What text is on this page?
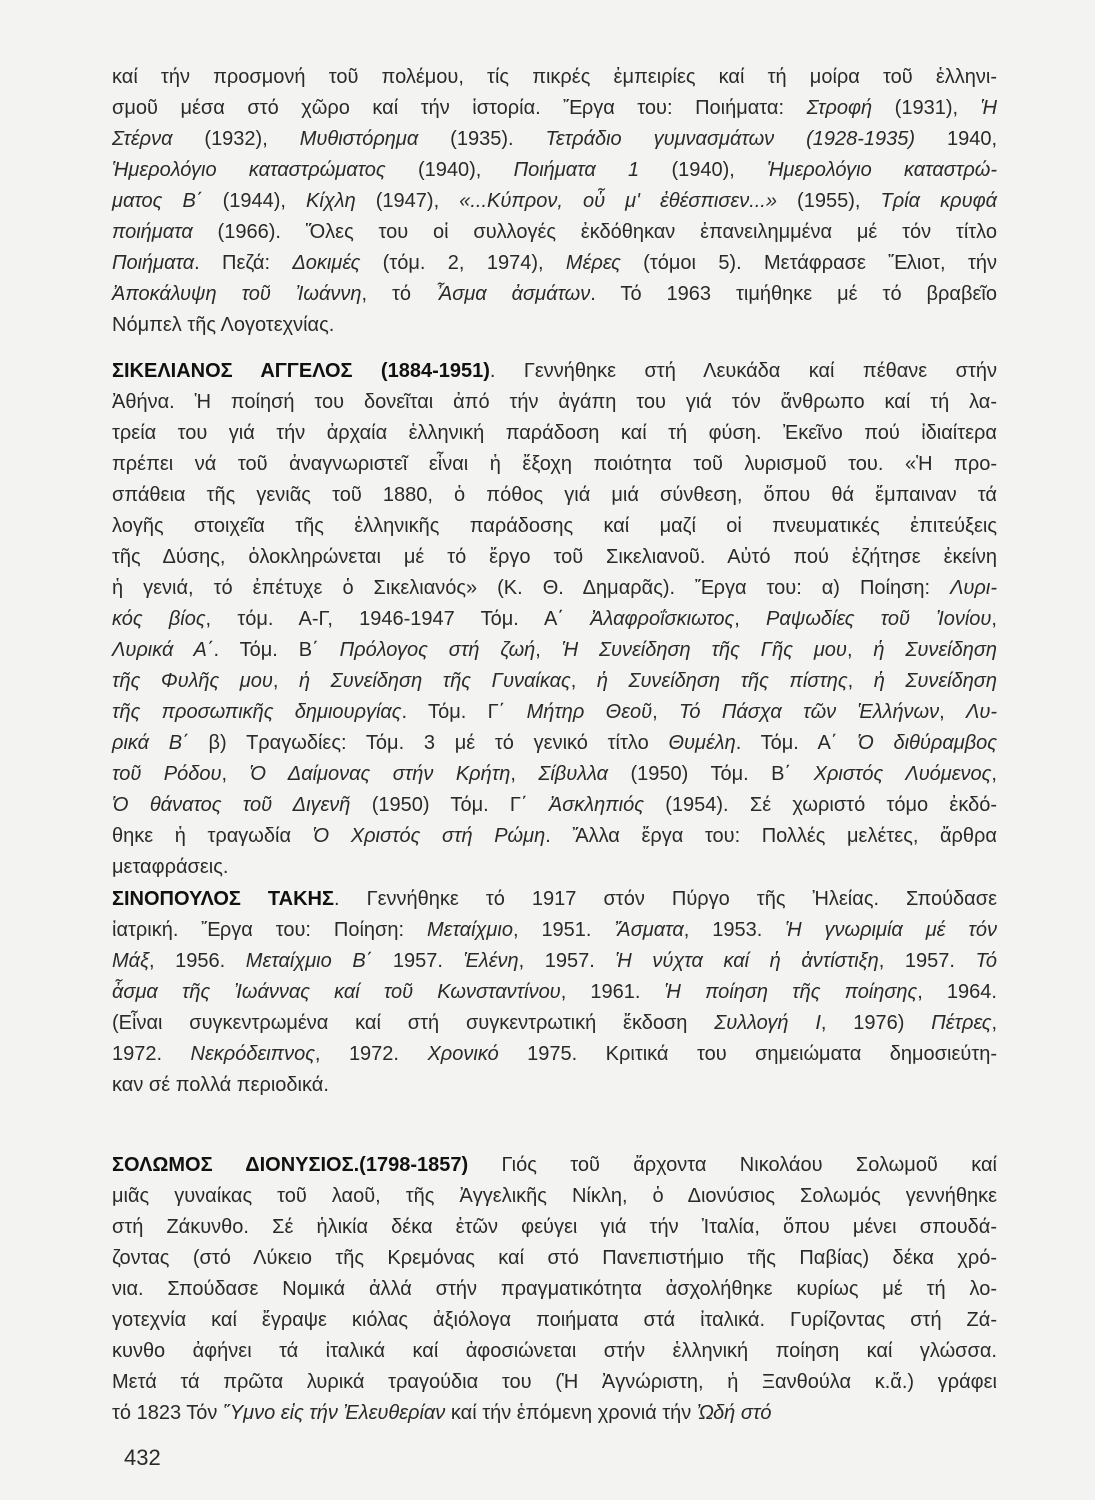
καί τήν προσμονή τοῦ πολέμου, τίς πικρές ἐμπειρίες καί τή μοίρα τοῦ ἑλληνι-
σμοῦ μέσα στό χῶρο καί τήν ἱστορία. Ἔργα του: Ποιήματα: Στροφή (1931), Ἡ
Στέρνα (1932), Μυθιστόρημα (1935). Τετράδιο γυμνασμάτων (1928-1935) 1940,
Ἡμερολόγιο καταστρώματος (1940), Ποιήματα 1 (1940), Ἡμερολόγιο καταστρώ-
ματος Β΄ (1944), Κίχλη (1947), «...Κύπρον, οὗ μ' ἐθέσπισεν...» (1955), Τρία κρυφά
ποιήματα (1966). Ὅλες του οἱ συλλογές ἐκδόθηκαν ἐπανειλημμένα μέ τόν τίτλο
Ποιήματα. Πεζά: Δοκιμές (τόμ. 2, 1974), Μέρες (τόμοι 5). Μετάφρασε Ἔλιοτ, τήν
Ἀποκάλυψη τοῦ Ἰωάννη, τό Ἆσμα ἀσμάτων. Τό 1963 τιμήθηκε μέ τό βραβεῖο
Νόμπελ τῆς Λογοτεχνίας.
ΣΙΚΕΛΙΑΝΟΣ ΑΓΓΕΛΟΣ (1884-1951). Γεννήθηκε στή Λευκάδα καί πέθανε στήν
Ἀθήνα. Ἡ ποίησή του δονεῖται ἀπό τήν ἀγάπη του γιά τόν ἄνθρωπο καί τή λα-
τρεία του γιά τήν ἀρχαία ἑλληνική παράδοση καί τή φύση. Ἐκεῖνο πού ἰδιαίτερα
πρέπει νά τοῦ ἀναγνωριστεῖ εἶναι ἡ ἔξοχη ποιότητα τοῦ λυρισμοῦ του. «Ἡ προ-
σπάθεια τῆς γενιᾶς τοῦ 1880, ὁ πόθος γιά μιά σύνθεση, ὅπου θά ἔμπαιναν τά
λογῆς στοιχεῖα τῆς ἑλληνικῆς παράδοσης καί μαζί οἱ πνευματικές ἐπιτεύξεις
τῆς Δύσης, ὁλοκληρώνεται μέ τό ἔργο τοῦ Σικελιανοῦ. Αὐτό πού ἐζήτησε ἐκείνη
ἡ γενιά, τό ἐπέτυχε ὁ Σικελιανός» (Κ. Θ. Δημαρᾶς). Ἔργα του: α) Ποίηση: Λυρι-
κός βίος, τόμ. Α-Γ, 1946-1947 Τόμ. Α΄ Ἀλαφροΐσκιωτος, Ραψωδίες τοῦ Ἰονίου,
Λυρικά Α΄. Τόμ. Β΄ Πρόλογος στή ζωή, Ἡ Συνείδηση τῆς Γῆς μου, ἡ Συνείδηση
τῆς Φυλῆς μου, ἡ Συνείδηση τῆς Γυναίκας, ἡ Συνείδηση τῆς πίστης, ἡ Συνείδηση
τῆς προσωπικῆς δημιουργίας. Τόμ. Γ΄ Μήτηρ Θεοῦ, Τό Πάσχα τῶν Ἑλλήνων, Λυ-
ρικά Β΄ β) Τραγωδίες: Τόμ. 3 μέ τό γενικό τίτλο Θυμέλη. Τόμ. Α΄ Ὁ διθύραμβος
τοῦ Ρόδου, Ὁ Δαίμονας στήν Κρήτη, Σίβυλλα (1950) Τόμ. Β΄ Χριστός Λυόμενος,
Ὁ θάνατος τοῦ Διγενῆ (1950) Τόμ. Γ΄ Ἀσκληπιός (1954). Σέ χωριστό τόμο ἐκδό-
θηκε ἡ τραγωδία Ὁ Χριστός στή Ρώμη. Ἄλλα ἔργα του: Πολλές μελέτες, ἄρθρα
μεταφράσεις.
ΣΙΝΟΠΟΥΛΟΣ ΤΑΚΗΣ. Γεννήθηκε τό 1917 στόν Πύργο τῆς Ἠλείας. Σπούδασε
ἰατρική. Ἔργα του: Ποίηση: Μεταίχμιο, 1951. Ἄσματα, 1953. Ἡ γνωριμία μέ τόν
Μάξ, 1956. Μεταίχμιο Β΄ 1957. Ἑλένη, 1957. Ἡ νύχτα καί ἡ ἀντίστιξη, 1957. Τό
ἆσμα τῆς Ἰωάννας καί τοῦ Κωνσταντίνου, 1961. Ἡ ποίηση τῆς ποίησης, 1964.
(Εἶναι συγκεντρωμένα καί στή συγκεντρωτική ἔκδοση Συλλογή Ι, 1976) Πέτρες,
1972. Νεκρόδειπνος, 1972. Χρονικό 1975. Κριτικά του σημειώματα δημοσιεύτη-
καν σέ πολλά περιοδικά.
ΣΟΛΩΜΟΣ ΔΙΟΝΥΣΙΟΣ.(1798-1857) Γιός τοῦ ἄρχοντα Νικολάου Σολωμοῦ καί
μιᾶς γυναίκας τοῦ λαοῦ, τῆς Ἀγγελικῆς Νίκλη, ὁ Διονύσιος Σολωμός γεννήθηκε
στή Ζάκυνθο. Σέ ἡλικία δέκα ἐτῶν φεύγει γιά τήν Ἰταλία, ὅπου μένει σπουδά-
ζοντας (στό Λύκειο τῆς Κρεμόνας καί στό Πανεπιστήμιο τῆς Παβίας) δέκα χρό-
νια. Σπούδασε Νομικά ἀλλά στήν πραγματικότητα ἀσχολήθηκε κυρίως μέ τή λο-
γοτεχνία καί ἔγραψε κιόλας ἀξιόλογα ποιήματα στά ἰταλικά. Γυρίζοντας στή Ζά-
κυνθο ἀφήνει τά ἰταλικά καί ἀφοσιώνεται στήν ἑλληνική ποίηση καί γλώσσα.
Μετά τά πρῶτα λυρικά τραγούδια του (Ἡ Ἀγνώριστη, ἡ Ξανθούλα κ.ἄ.) γράφει
τό 1823 Τόν Ὕμνο εἰς τήν Ἐλευθερίαν καί τήν ἑπόμενη χρονιά τήν Ὠδή στό
432
